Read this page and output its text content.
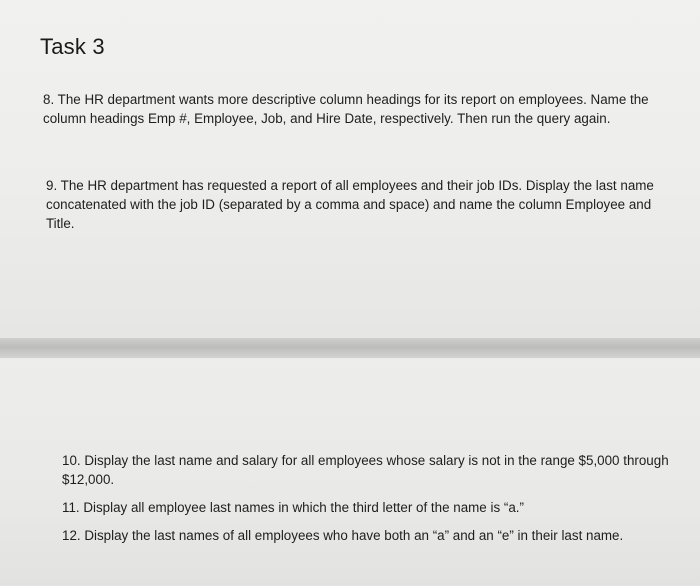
Task 3
8. The HR department wants more descriptive column headings for its report on employees. Name the column headings Emp #, Employee, Job, and Hire Date, respectively. Then run the query again.
9. The HR department has requested a report of all employees and their job IDs. Display the last name concatenated with the job ID (separated by a comma and space) and name the column Employee and Title.
10. Display the last name and salary for all employees whose salary is not in the range $5,000 through $12,000.
11. Display all employee last names in which the third letter of the name is “a.”
12. Display the last names of all employees who have both an “a” and an “e” in their last name.
